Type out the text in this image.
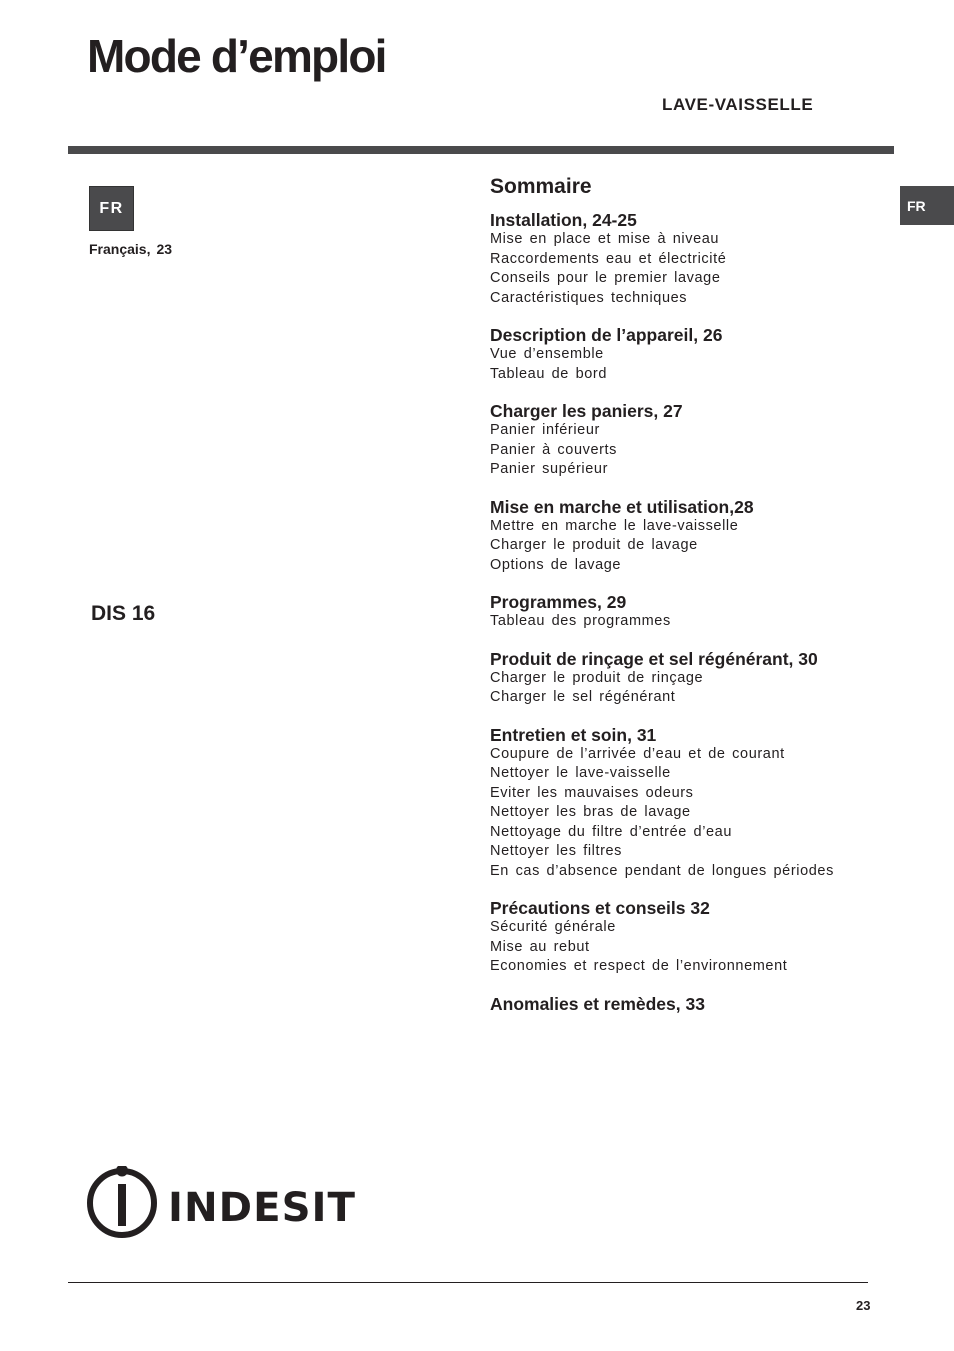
Mode d’emploi
LAVE-VAISSELLE
FR
FR
Français, 23
DIS 16
Sommaire
Installation, 24-25
Mise en place et mise à niveau
Raccordements eau et électricité
Conseils pour le premier lavage
Caractéristiques techniques
Description de l’appareil, 26
Vue d’ensemble
Tableau de bord
Charger les paniers, 27
Panier inférieur
Panier à couverts
Panier supérieur
Mise en marche et utilisation,28
Mettre en marche le lave-vaisselle
Charger le produit de lavage
Options de lavage
Programmes, 29
Tableau des programmes
Produit de rinçage et sel régénérant, 30
Charger le produit de rinçage
Charger le sel régénérant
Entretien et soin, 31
Coupure de l’arrivée d’eau et de courant
Nettoyer le lave-vaisselle
Eviter les mauvaises odeurs
Nettoyer les bras de lavage
Nettoyage du filtre d’entrée d’eau
Nettoyer les filtres
En cas d’absence pendant de longues périodes
Précautions et conseils 32
Sécurité générale
Mise au rebut
Economies et respect de l’environnement
Anomalies et remèdes, 33
INDESIT
23
